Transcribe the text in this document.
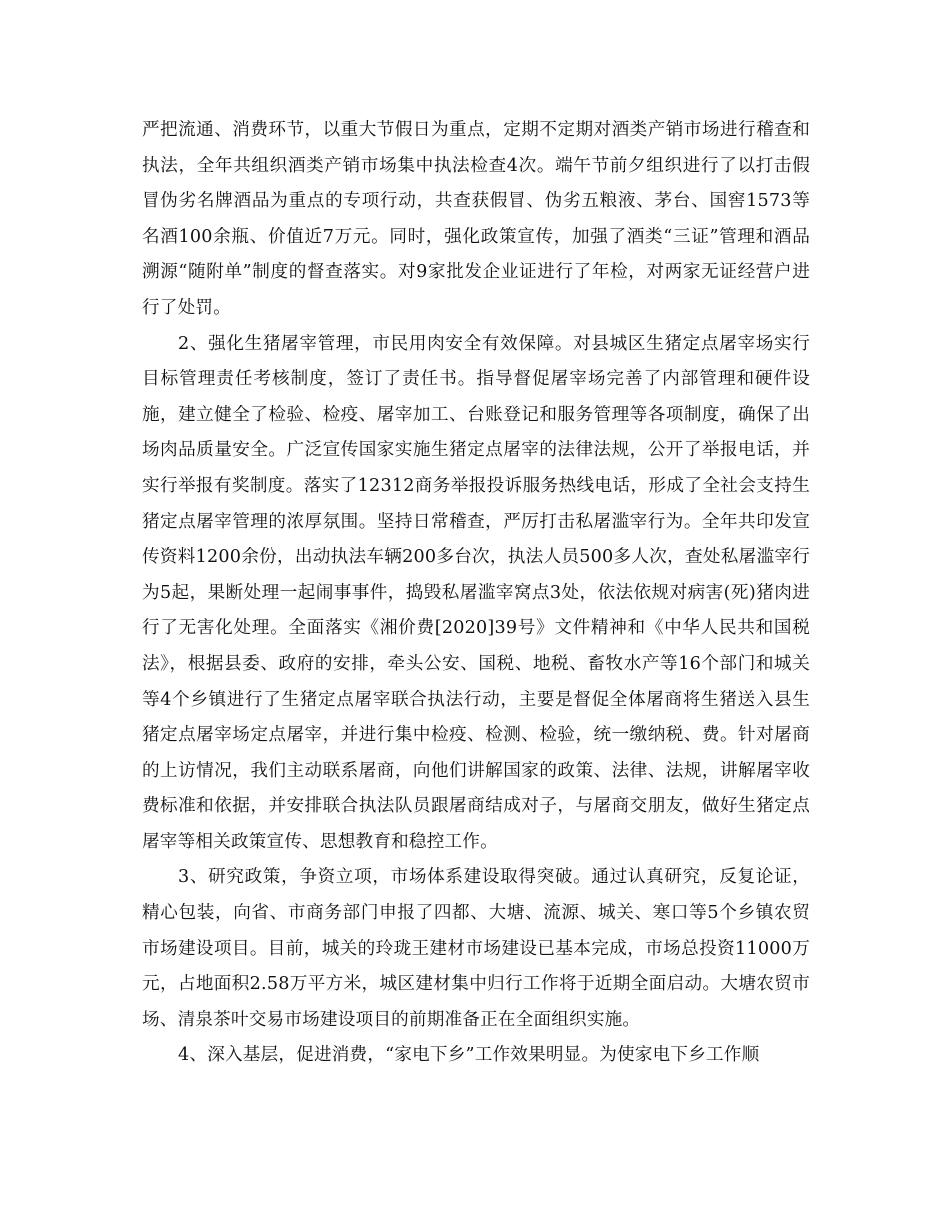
严把流通、消费环节，以重大节假日为重点，定期不定期对酒类产销市场进行稽查和执法，全年共组织酒类产销市场集中执法检查4次。端午节前夕组织进行了以打击假冒伪劣名牌酒品为重点的专项行动，共查获假冒、伪劣五粮液、茅台、国窖1573等名酒100余瓶、价值近7万元。同时，强化政策宣传，加强了酒类“三证”管理和酒品溯源“随附单”制度的督查落实。对9家批发企业证进行了年检，对两家无证经营户进行了处罚。

2、强化生猪屠宰管理，市民用肉安全有效保障。对县城区生猪定点屠宰场实行目标管理责任考核制度，签订了责任书。指导督促屠宰场完善了内部管理和硬件设施，建立健全了检验、检疫、屠宰加工、台账登记和服务管理等各项制度，确保了出场肉品质量安全。广泛宣传国家实施生猪定点屠宰的法律法规，公开了举报电话，并实行举报有奖制度。落实了12312商务举报投诉服务热线电话，形成了全社会支持生猪定点屠宰管理的浓厚氛围。坚持日常稽查，严厉打击私屠滥宰行为。全年共印发宣传资料1200余份，出动执法车辆200多台次，执法人员500多人次，查处私屠滥宰行为5起，果断处理一起闹事事件，捣毁私屠滥宰窝点3处，依法依规对病害(死)猪肉进行了无害化处理。全面落实《湘价费[2020]39号》文件精神和《中华人民共和国税法》，根据县委、政府的安排，牵头公安、国税、地税、畜牧水产等16个部门和城关等4个乡镇进行了生猪定点屠宰联合执法行动，主要是督促全体屠商将生猪送入县生猪定点屠宰场定点屠宰，并进行集中检疫、检测、检验，统一缴纳税、费。针对屠商的上访情况，我们主动联系屠商，向他们讲解国家的政策、法律、法规，讲解屠宰收费标准和依据，并安排联合执法队员跟屠商结成对子，与屠商交朋友，做好生猪定点屠宰等相关政策宣传、思想教育和稳控工作。

3、研究政策，争资立项，市场体系建设取得突破。通过认真研究，反复论证，精心包装，向省、市商务部门申报了四都、大塘、流源、城关、寒口等5个乡镇农贸市场建设项目。目前，城关的玲珑王建材市场建设已基本完成，市场总投资11000万元，占地面积2.58万平方米，城区建材集中归行工作将于近期全面启动。大塘农贸市场、清泉茶叶交易市场建设项目的前期准备正在全面组织实施。

4、深入基层，促进消费，“家电下乡”工作效果明显。为使家电下乡工作顺
